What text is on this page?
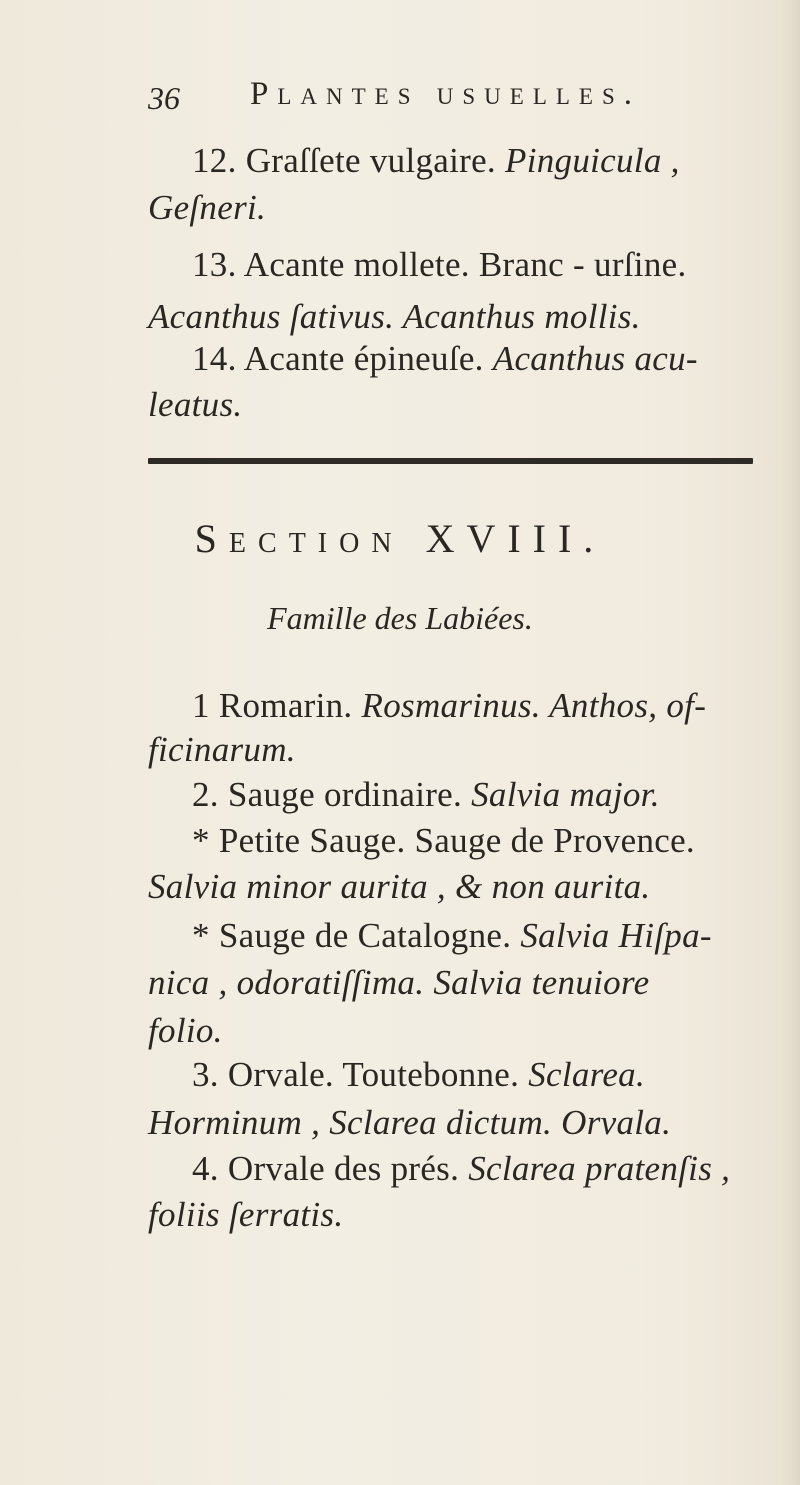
36 Plantes usuelles.
12. Graſſete vulgaire. Pinguicula ,
Geſneri.
13. Acante mollete. Branc - urſine.
Acanthus ſativus. Acanthus mollis.
14. Acante épineuſe. Acanthus acu-
leatus.
Section XVIII.
Famille des Labiées.
1 Romarin. Rosmarinus. Anthos, of-
ficinarum.
2. Sauge ordinaire. Salvia major.
* Petite Sauge. Sauge de Provence.
Salvia minor aurita , & non aurita.
* Sauge de Catalogne. Salvia Hiſpa-
nica , odoratiſſima. Salvia tenuiore
folio.
3. Orvale. Toutebonne. Sclarea.
Horminum , Sclarea dictum. Orvala.
4. Orvale des prés. Sclarea pratenſis ,
foliis ſerratis.
